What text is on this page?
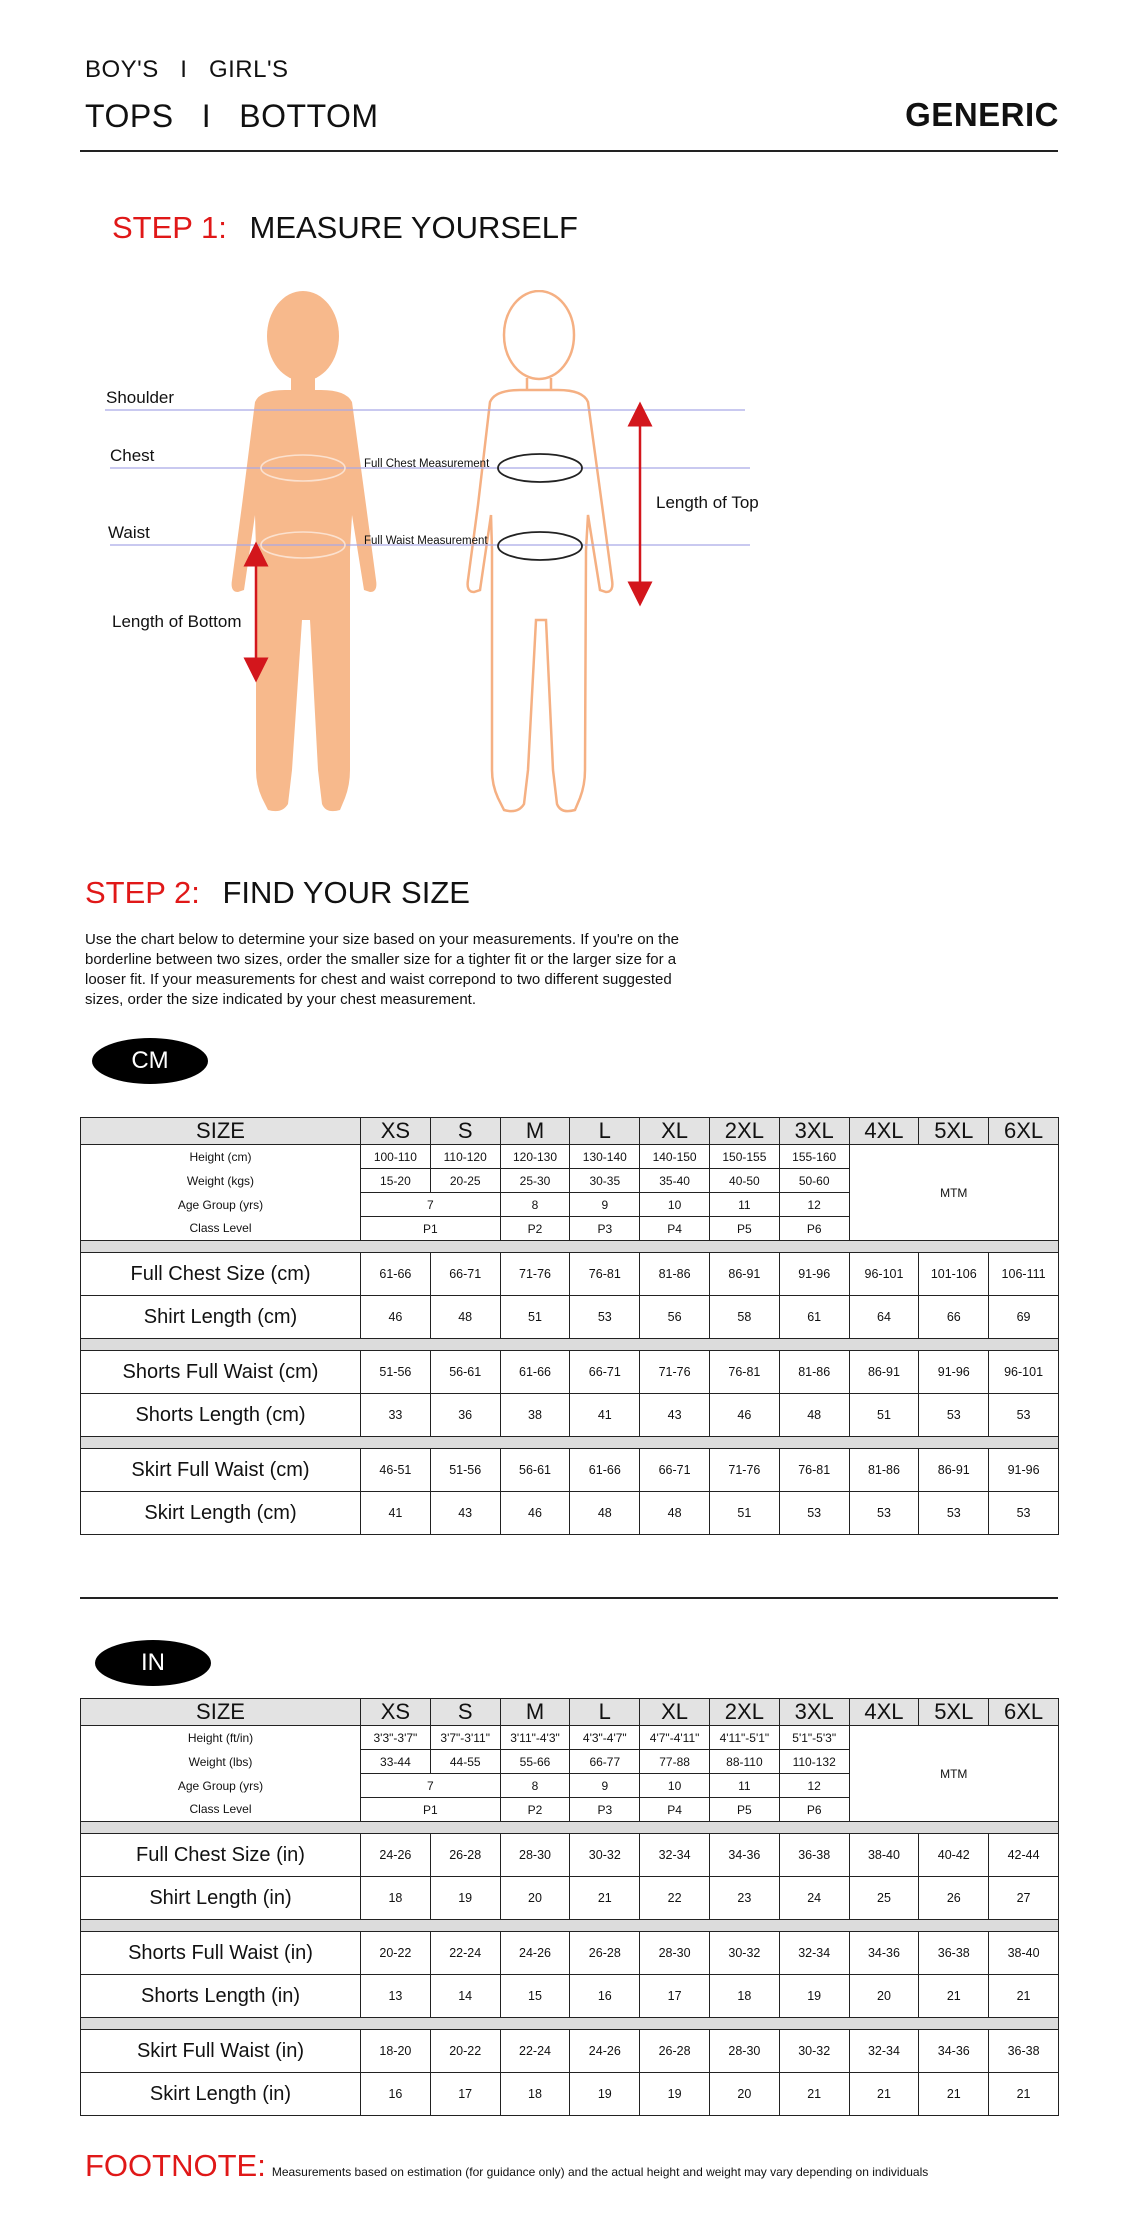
BOY'S   I   GIRL'S
TOPS   I   BOTTOM	GENERIC
STEP 1: MEASURE YOURSELF
Shoulder
Chest
Waist
Length of Bottom
Full Chest Measurement
Full Waist Measurement
Length of Top
STEP 2: FIND YOUR SIZE
Use the chart below to determine your size based on your measurements. If you're on the borderline between two sizes, order the smaller size for a tighter fit or the larger size for a looser fit. If your measurements for chest and waist correpond to two different suggested sizes, order the size indicated by your chest measurement.
CM
SIZE	XS	S	M	L	XL	2XL	3XL	4XL	5XL	6XL
Height (cm)	100-110	110-120	120-130	130-140	140-150	150-155	155-160	MTM		
Weight (kgs)	15-20	20-25	25-30	30-35	35-40	40-50	50-60			
Age Group (yrs)	7		8	9	10	11	12			
Class Level	P1		P2	P3	P4	P5	P6			

Full Chest Size (cm)	61-66	66-71	71-76	76-81	81-86	86-91	91-96	96-101	101-106	106-111
Shirt Length (cm)	46	48	51	53	56	58	61	64	66	69

Shorts Full Waist (cm)	51-56	56-61	61-66	66-71	71-76	76-81	81-86	86-91	91-96	96-101
Shorts Length (cm)	33	36	38	41	43	46	48	51	53	53

Skirt Full Waist (cm)	46-51	51-56	56-61	61-66	66-71	71-76	76-81	81-86	86-91	91-96
Skirt Length (cm)	41	43	46	48	48	51	53	53	53	53
IN
SIZE	XS	S	M	L	XL	2XL	3XL	4XL	5XL	6XL
Height (ft/in)	3'3"-3'7"	3'7"-3'11"	3'11"-4'3"	4'3"-4'7"	4'7"-4'11"	4'11"-5'1"	5'1"-5'3"	MTM		
Weight (lbs)	33-44	44-55	55-66	66-77	77-88	88-110	110-132			
Age Group (yrs)	7		8	9	10	11	12			
Class Level	P1		P2	P3	P4	P5	P6			

Full Chest Size (in)	24-26	26-28	28-30	30-32	32-34	34-36	36-38	38-40	40-42	42-44
Shirt Length (in)	18	19	20	21	22	23	24	25	26	27

Shorts Full Waist (in)	20-22	22-24	24-26	26-28	28-30	30-32	32-34	34-36	36-38	38-40
Shorts Length (in)	13	14	15	16	17	18	19	20	21	21

Skirt Full Waist (in)	18-20	20-22	22-24	24-26	26-28	28-30	30-32	32-34	34-36	36-38
Skirt Length (in)	16	17	18	19	19	20	21	21	21	21
FOOTNOTE: Measurements based on estimation (for guidance only) and the actual height and weight may vary depending on individuals
